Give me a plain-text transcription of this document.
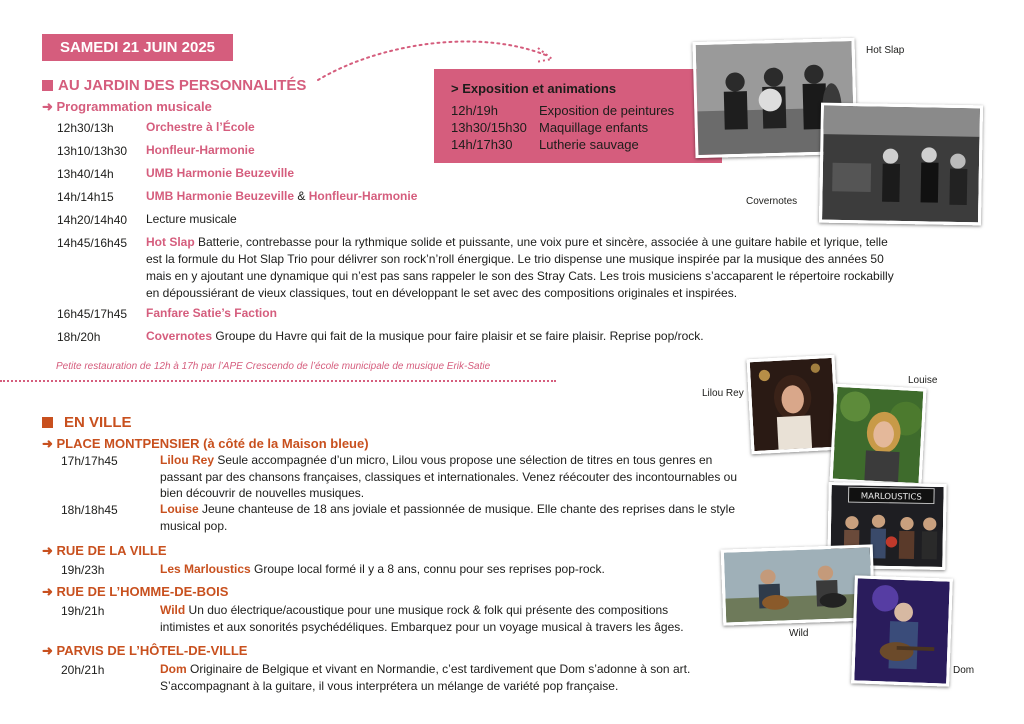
SAMEDI 21 JUIN 2025
AU JARDIN DES PERSONNALITÉS
➜ Programmation musicale
12h30/13h	Orchestre à l’École
13h10/13h30 Honfleur-Harmonie
13h40/14h	UMB Harmonie Beuzeville
14h/14h15	UMB Harmonie Beuzeville & Honfleur-Harmonie
14h20/14h40 Lecture musicale
14h45/16h45 Hot Slap Batterie, contrebasse pour la rythmique solide et puissante, une voix pure et sincère, associée à une guitare habile et lyrique, telle est la formule du Hot Slap Trio pour délivrer son rock’n’roll énergique. Le trio dispense une musique inspirée par la musique des années 50 mais en y ajoutant une dynamique qui n’est pas sans rappeler le son des Stray Cats. Les trois musiciens s’accaparent le répertoire rockabilly en dépoussiérant de vieux classiques, tout en développant le set avec des compositions originales et inspirées.
16h45/17h45 Fanfare Satie’s Faction
18h/20h	Covernotes Groupe du Havre qui fait de la musique pour faire plaisir et se faire plaisir. Reprise pop/rock.
Petite restauration de 12h à 17h par l’APE Crescendo de l’école municipale de musique Erik-Satie
> Exposition et animations
12h/19h	Exposition de peintures
13h30/15h30 Maquillage enfants
14h/17h30 Lutherie sauvage
Hot Slap
Covernotes
EN VILLE
➜ PLACE MONTPENSIER (à côté de la Maison bleue)
17h/17h45	Lilou Rey Seule accompagnée d’un micro, Lilou vous propose une sélection de titres en tous genres en passant par des chansons françaises, classiques et internationales. Venez réécouter des incontournables ou bien découvrir de nouvelles musiques.
18h/18h45	Louise Jeune chanteuse de 18 ans joviale et passionnée de musique. Elle chante des reprises dans le style musical pop.
➜ RUE DE LA VILLE
19h/23h	Les Marloustics Groupe local formé il y a 8 ans, connu pour ses reprises pop-rock.
➜ RUE DE L’HOMME-DE-BOIS
19h/21h	Wild Un duo électrique/acoustique pour une musique rock & folk qui présente des compositions intimistes et aux sonorités psychédéliques. Embarquez pour un voyage musical à travers les âges.
➜ PARVIS DE L’HÔTEL-DE-VILLE
20h/21h	Dom Originaire de Belgique et vivant en Normandie, c’est tardivement que Dom s’adonne à son art. S’accompagnant à la guitare, il vous interprétera un mélange de variété pop française.
Lilou Rey
Louise
MARLOUSTICS
Wild
Dom
